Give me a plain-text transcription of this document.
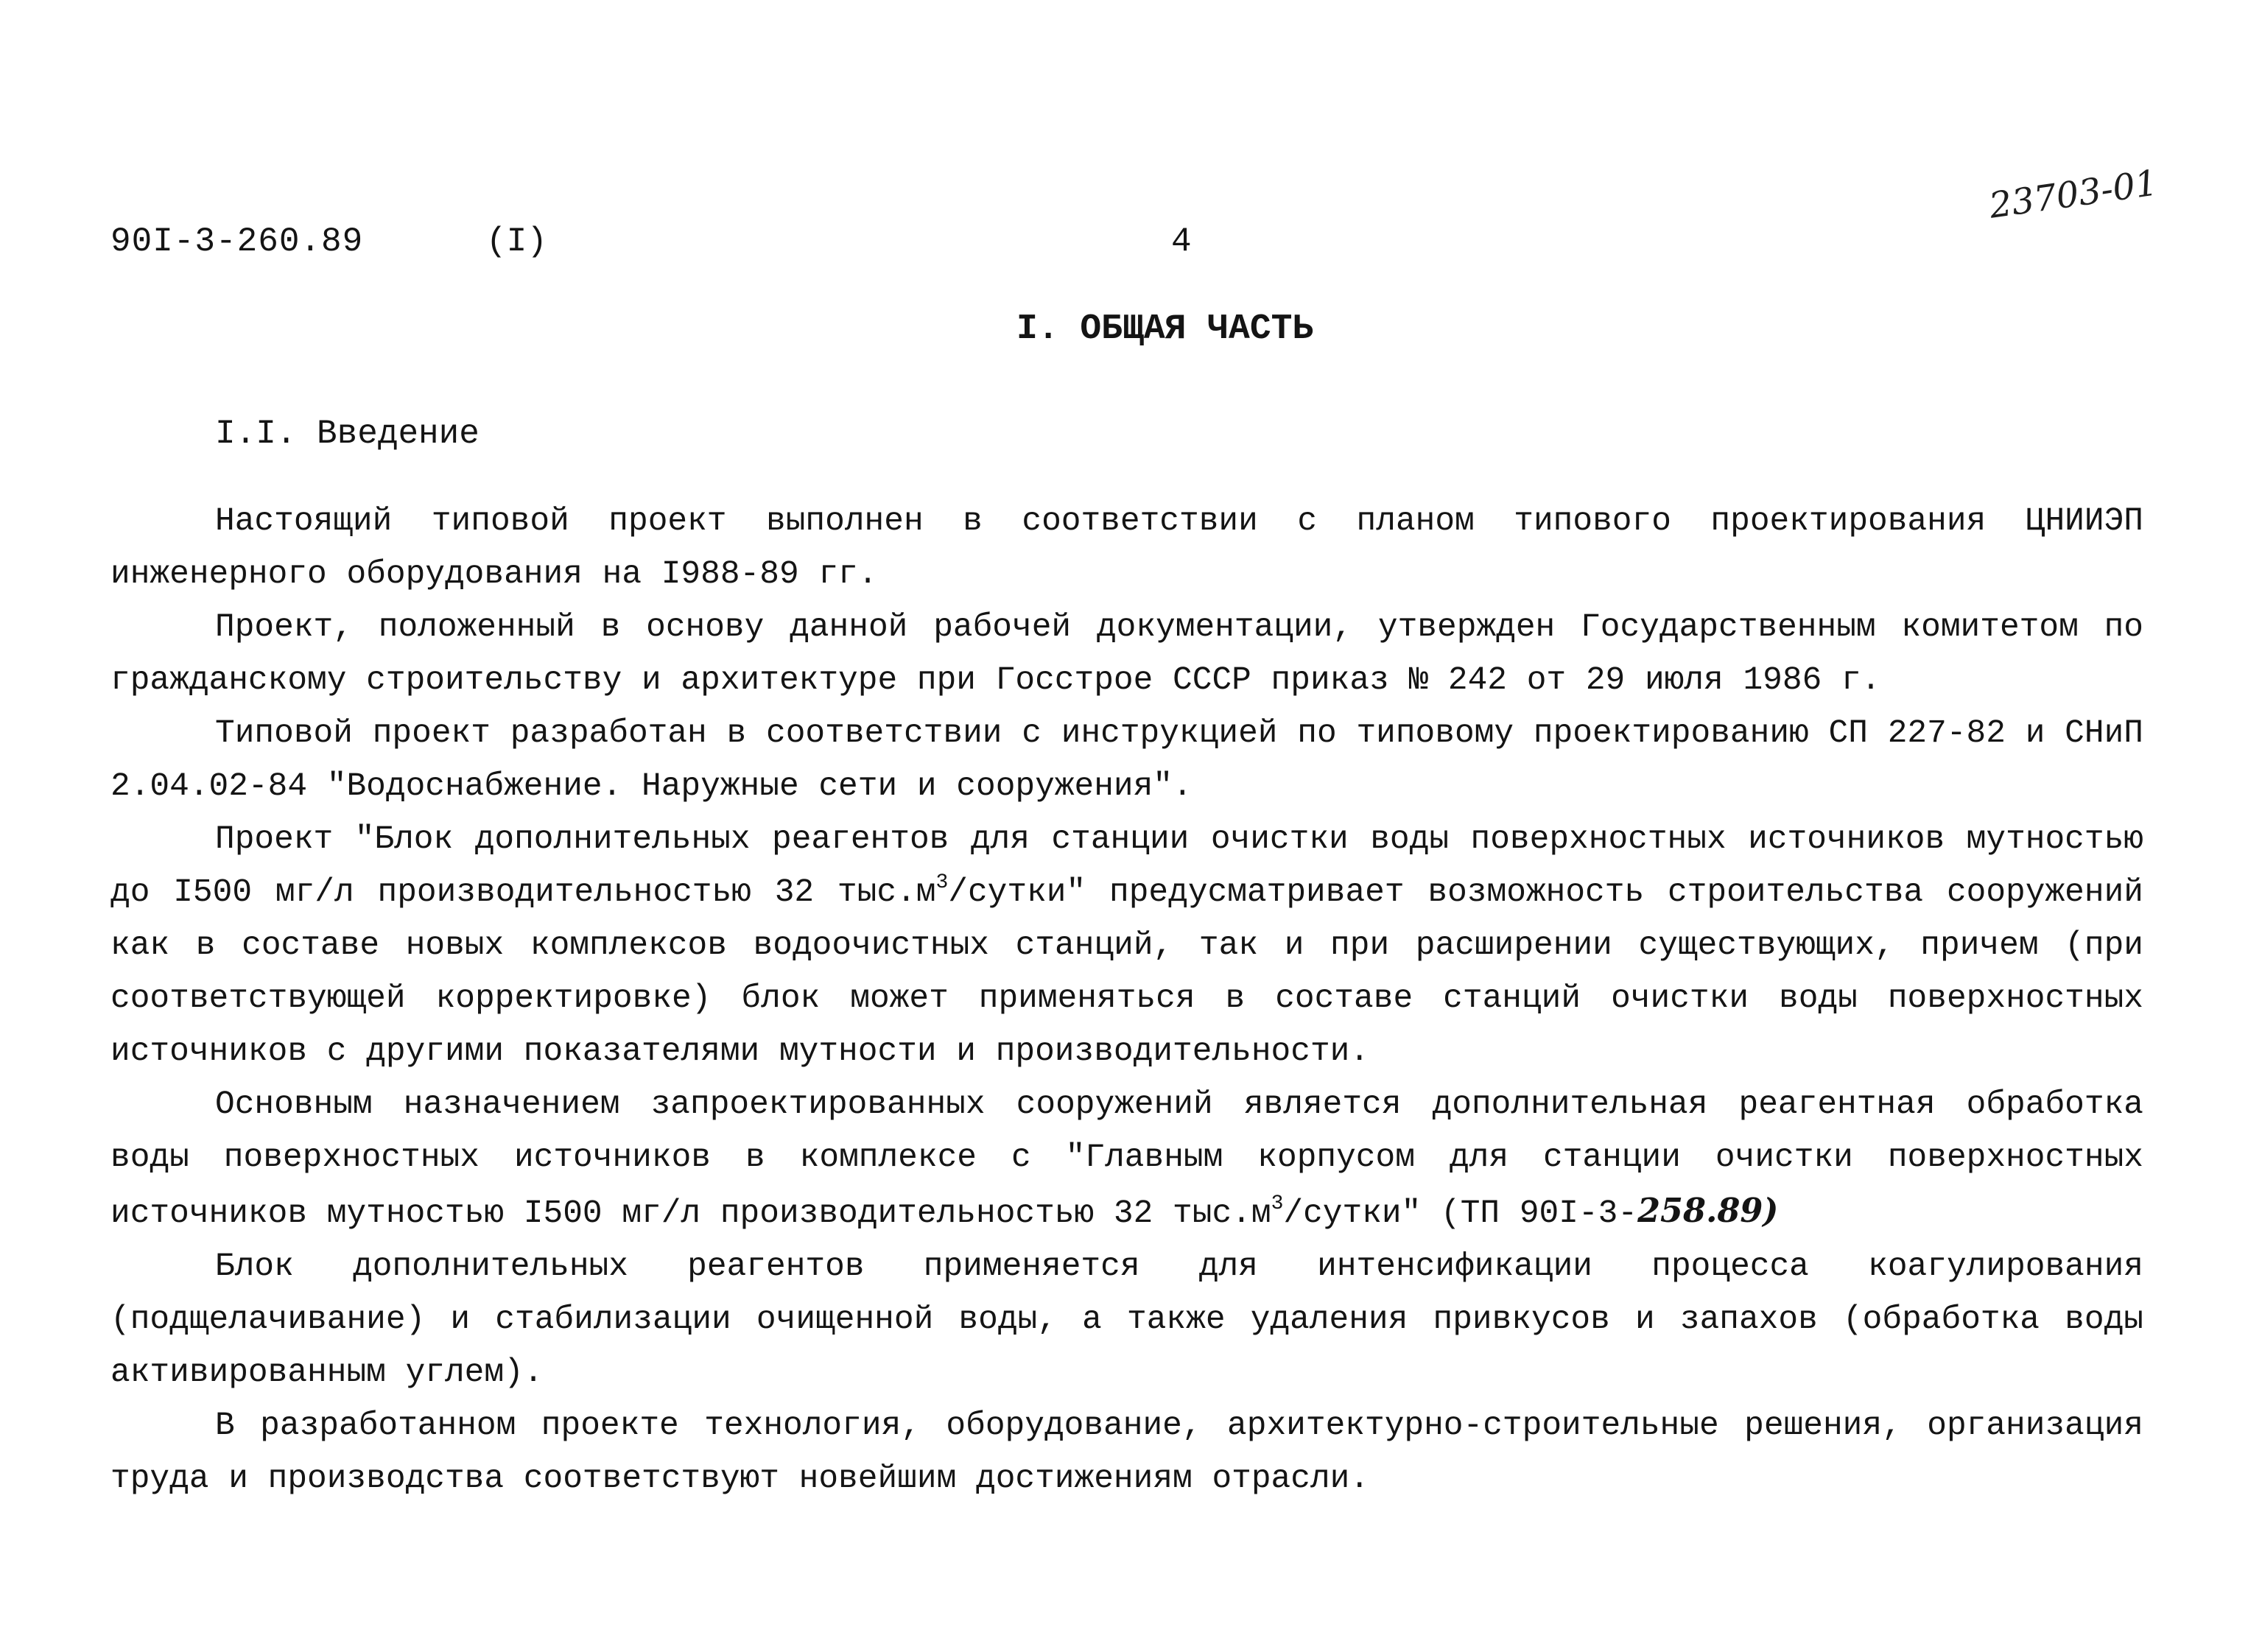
90I-3-260.89	(I)	4
23703-01
I. ОБЩАЯ ЧАСТЬ
I.I. Введение

Настоящий типовой проект выполнен в соответствии с планом типового проектирования ЦНИИЭП инженерного оборудования на I988-89 гг.

Проект, положенный в основу данной рабочей документации, утвержден Государственным комитетом по гражданскому строительству и архитектуре при Госстрое СССР приказ № 242 от 29 июля 1986 г.

Типовой проект разработан в соответствии с инструкцией по типовому проектированию СП 227-82 и СНиП 2.04.02-84 "Водоснабжение. Наружные сети и сооружения".

Проект "Блок дополнительных реагентов для станции очистки воды поверхностных источников мутностью до I500 мг/л производительностью 32 $тыс.м^3$/сутки" предусматривает возможность строительства сооружений как в составе новых комплексов водоочистных станций, так и при расширении существующих, причем (при соответствующей корректировке) блок может применяться в составе станций очистки воды поверхностных источников с другими показателями мутности и производительности.

Основным назначением запроектированных сооружений является дополнительная реагентная обработка воды поверхностных источников в комплексе с "Главным корпусом для станции очистки поверхностных источников мутностью I500 мг/л производительностью 32 $тыс.м^3$/сутки" (ТП 90I-3-258.89)

Блок дополнительных реагентов применяется для интенсификации процесса коагулирования (подщелачивание) и стабилизации очищенной воды, а также удаления привкусов и запахов (обработка воды активированным углем).

В разработанном проекте технология, оборудование, архитектурно-строительные решения, организация труда и производства соответствуют новейшим достижениям отрасли.
